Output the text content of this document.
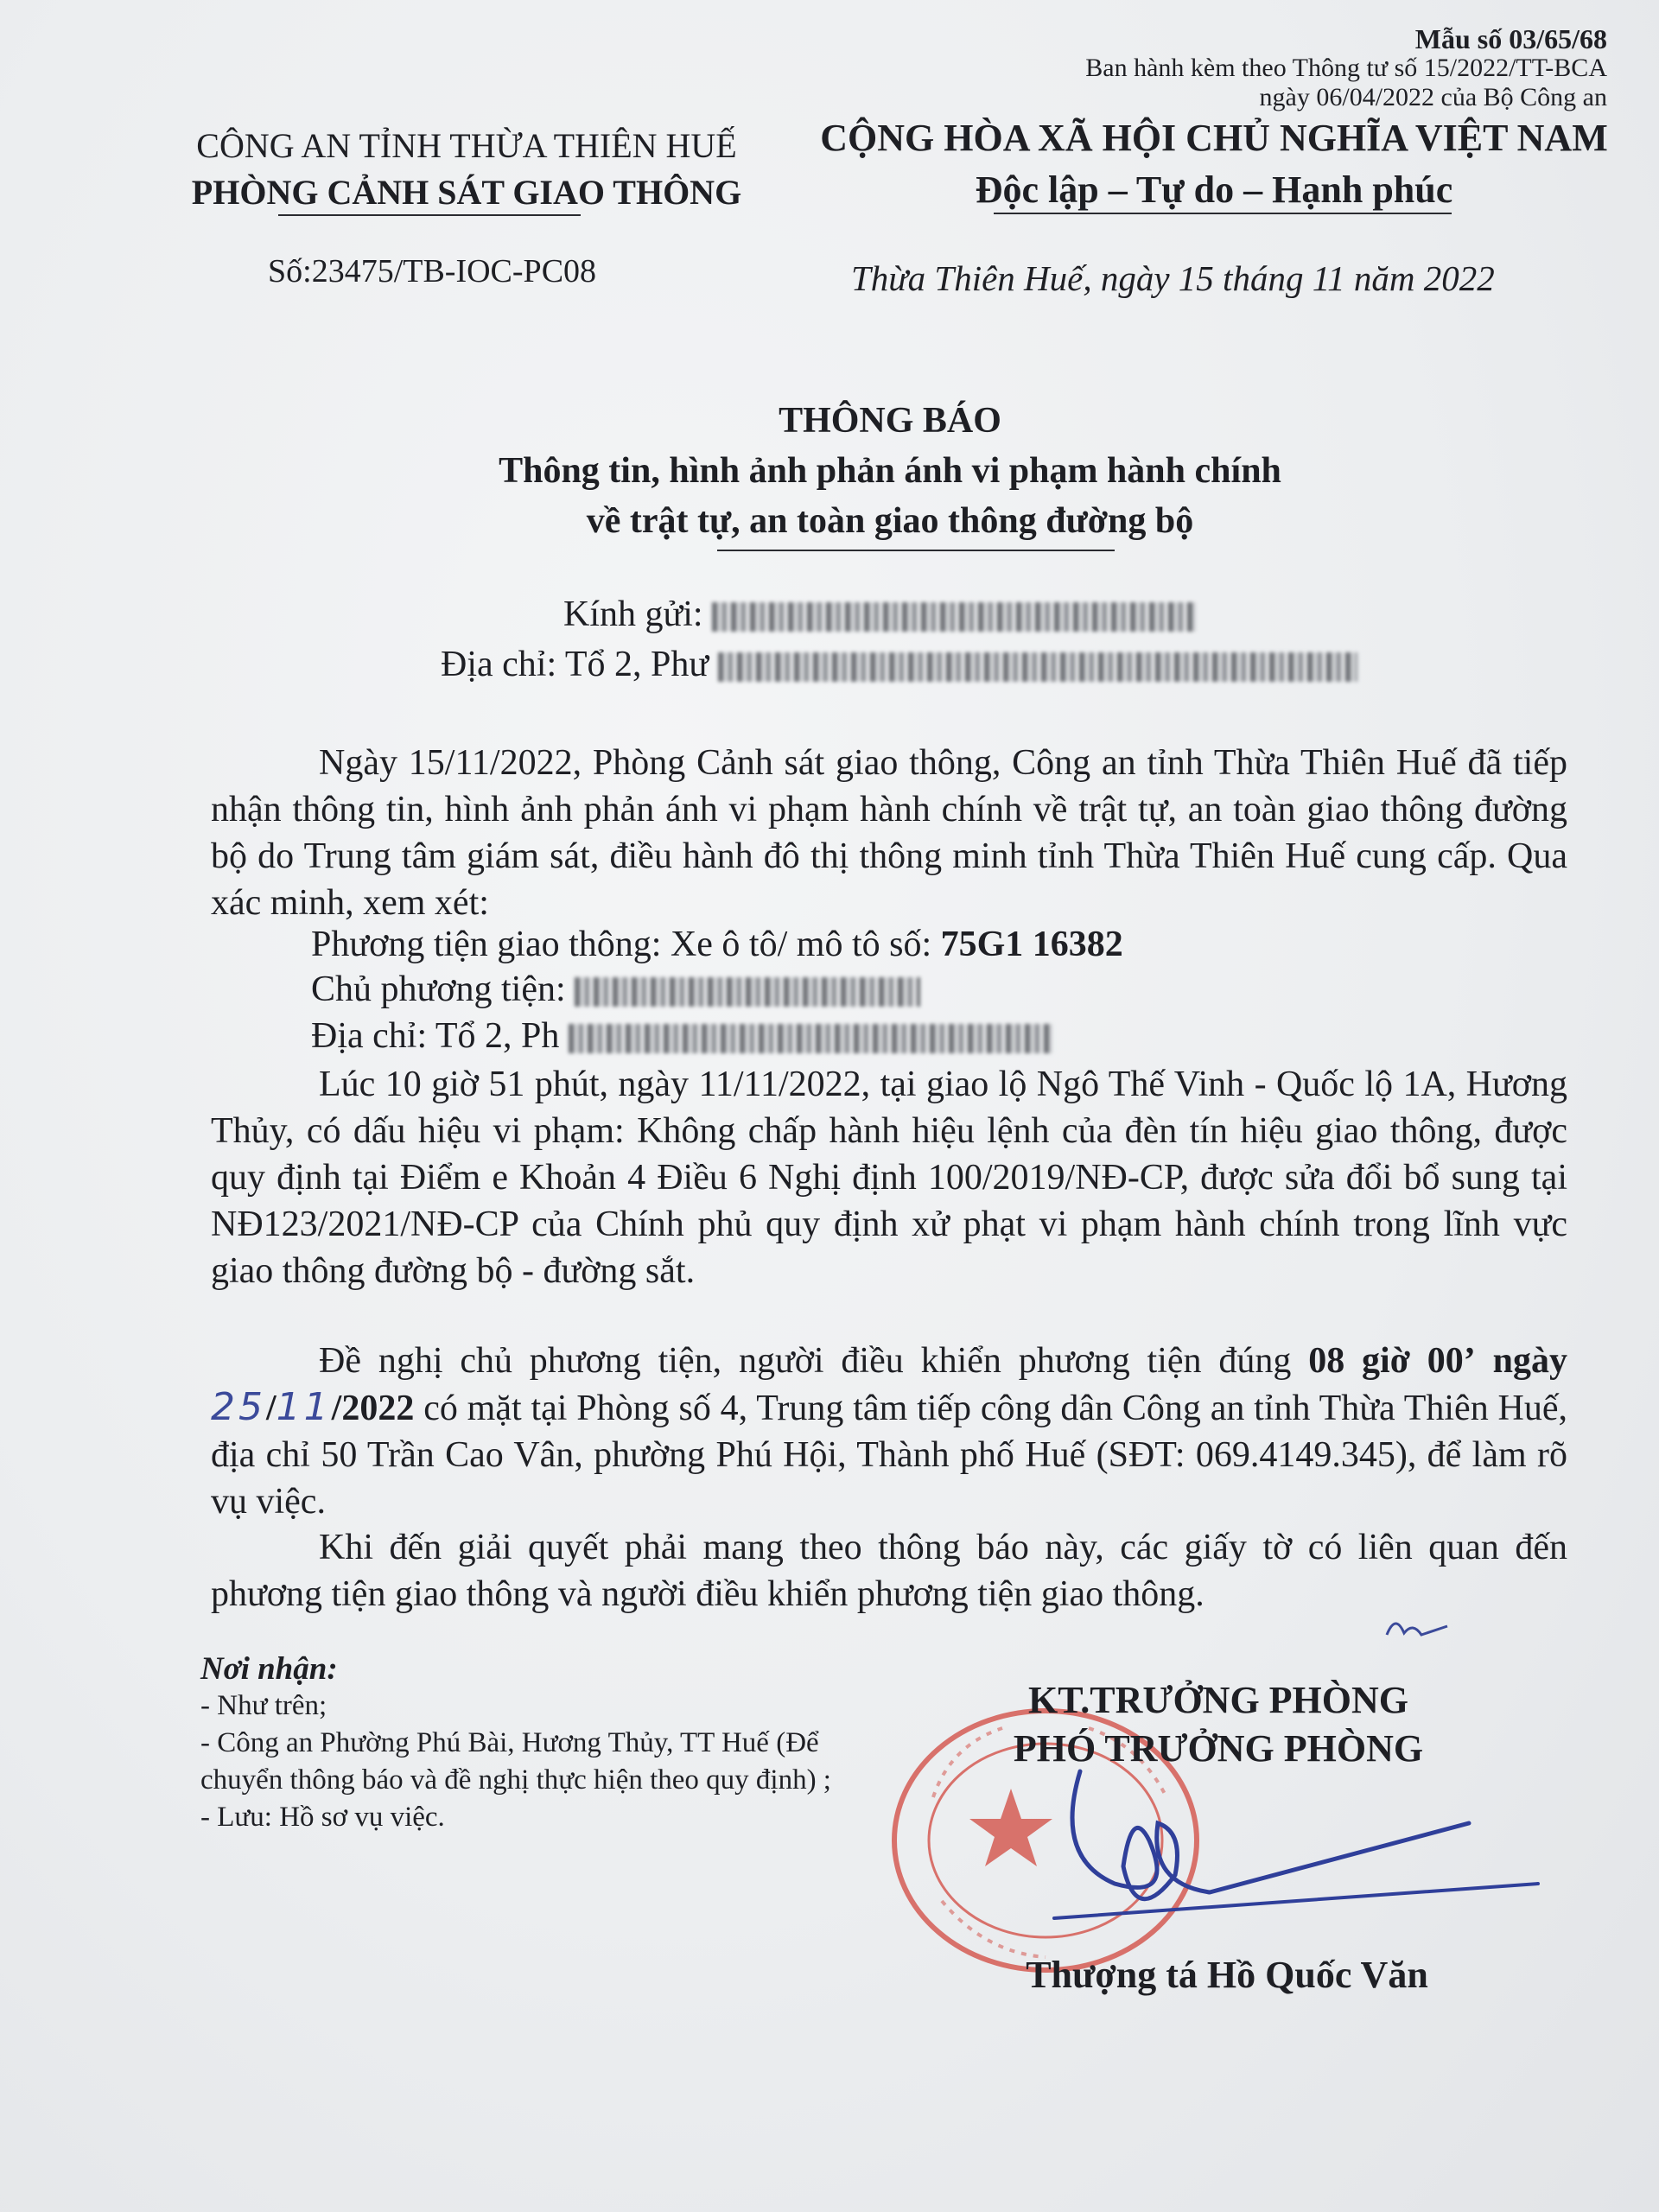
Mẫu số 03/65/68
Ban hành kèm theo Thông tư số 15/2022/TT-BCA
ngày 06/04/2022 của Bộ Công an
CÔNG AN TỈNH THỪA THIÊN HUẾ
PHÒNG CẢNH SÁT GIAO THÔNG
CỘNG HÒA XÃ HỘI CHỦ NGHĨA VIỆT NAM
Độc lập – Tự do – Hạnh phúc
Số:23475/TB-IOC-PC08	Thừa Thiên Huế, ngày 15 tháng 11 năm 2022
THÔNG BÁO
Thông tin, hình ảnh phản ánh vi phạm hành chính
về trật tự, an toàn giao thông đường bộ
Kính gửi:
Địa chỉ: Tổ 2, Phư
Ngày 15/11/2022, Phòng Cảnh sát giao thông, Công an tỉnh Thừa Thiên Huế đã tiếp nhận thông tin, hình ảnh phản ánh vi phạm hành chính về trật tự, an toàn giao thông đường bộ do Trung tâm giám sát, điều hành đô thị thông minh tỉnh Thừa Thiên Huế cung cấp. Qua xác minh, xem xét:
Phương tiện giao thông: Xe ô tô/ mô tô số: 75G1 16382
Chủ phương tiện:
Địa chỉ: Tổ 2, Ph
Lúc 10 giờ 51 phút, ngày 11/11/2022, tại giao lộ Ngô Thế Vinh - Quốc lộ 1A, Hương Thủy, có dấu hiệu vi phạm: Không chấp hành hiệu lệnh của đèn tín hiệu giao thông, được quy định tại Điểm e Khoản 4 Điều 6 Nghị định 100/2019/NĐ-CP, được sửa đổi bổ sung tại NĐ123/2021/NĐ-CP của Chính phủ quy định xử phạt vi phạm hành chính trong lĩnh vực giao thông đường bộ - đường sắt.
Đề nghị chủ phương tiện, người điều khiển phương tiện đúng 08 giờ 00’ ngày 25/11/2022 có mặt tại Phòng số 4, Trung tâm tiếp công dân Công an tỉnh Thừa Thiên Huế, địa chỉ 50 Trần Cao Vân, phường Phú Hội, Thành phố Huế (SĐT: 069.4149.345), để làm rõ vụ việc.
Khi đến giải quyết phải mang theo thông báo này, các giấy tờ có liên quan đến phương tiện giao thông và người điều khiển phương tiện giao thông.
Nơi nhận:
- Như trên;
- Công an Phường Phú Bài, Hương Thủy, TT Huế (Để chuyển thông báo và đề nghị thực hiện theo quy định) ;
- Lưu: Hồ sơ vụ việc.
KT.TRƯỞNG PHÒNG
PHÓ TRƯỞNG PHÒNG
Thượng tá Hồ Quốc Văn
